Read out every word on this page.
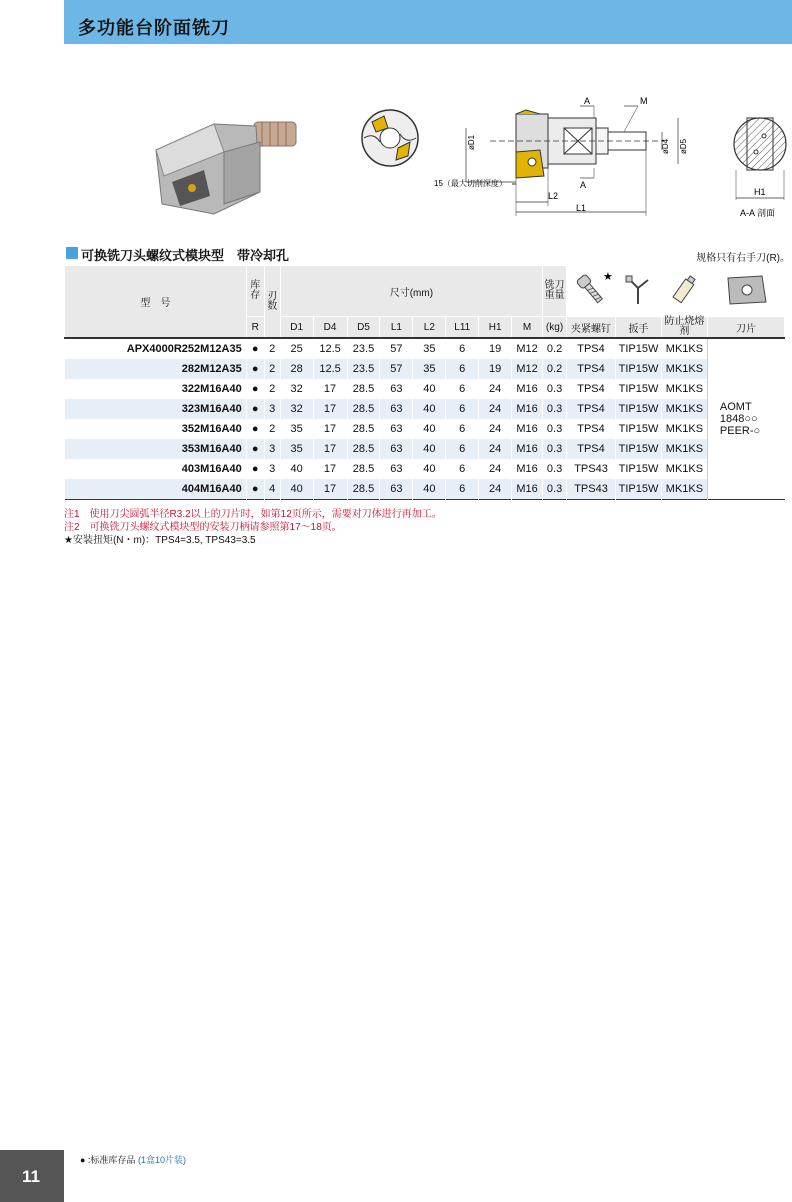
多功能台阶面铣刀
A	M
øD1	øD4 øD5
15（最大切削深度）	A
L2
L1
H1
A-A 剖面
可换铣刀头螺纹式模块型　带冷却孔	规格只有右手刀(R)。
型　号	库存	刃数	尺寸(mm)								铣刀重量	★

	R		D1	D4	D5	L1	L2	L11	H1	M	(kg)	夹紧螺钉	扳手	防止烧熔剂	刀片
APX4000R252M12A35	●	2	25	12.5	23.5	57	35	6	19	M12	0.2	TPS4	TIP15W	MK1KS	AOMT
1848○○
PEER-○

282M12A35	●	2	28	12.5	23.5	57	35	6	19	M12	0.2	TPS4	TIP15W	MK1KS	
322M16A40	●	2	32	17	28.5	63	40	6	24	M16	0.3	TPS4	TIP15W	MK1KS	
323M16A40	●	3	32	17	28.5	63	40	6	24	M16	0.3	TPS4	TIP15W	MK1KS	
352M16A40	●	2	35	17	28.5	63	40	6	24	M16	0.3	TPS4	TIP15W	MK1KS	
353M16A40	●	3	35	17	28.5	63	40	6	24	M16	0.3	TPS4	TIP15W	MK1KS	
403M16A40	●	3	40	17	28.5	63	40	6	24	M16	0.3	TPS43	TIP15W	MK1KS	
404M16A40	●	4	40	17	28.5	63	40	6	24	M16	0.3	TPS43	TIP15W	MK1KS	
注1　使用刀尖圆弧半径R3.2以上的刀片时，如第12页所示，需要对刀体进行再加工。
注2　可换铣刀头螺纹式模块型的安装刀柄请参照第17～18页。
★安装扭矩(N・m)：TPS4=3.5, TPS43=3.5
11
● :标准库存品 (1盒10片装)
